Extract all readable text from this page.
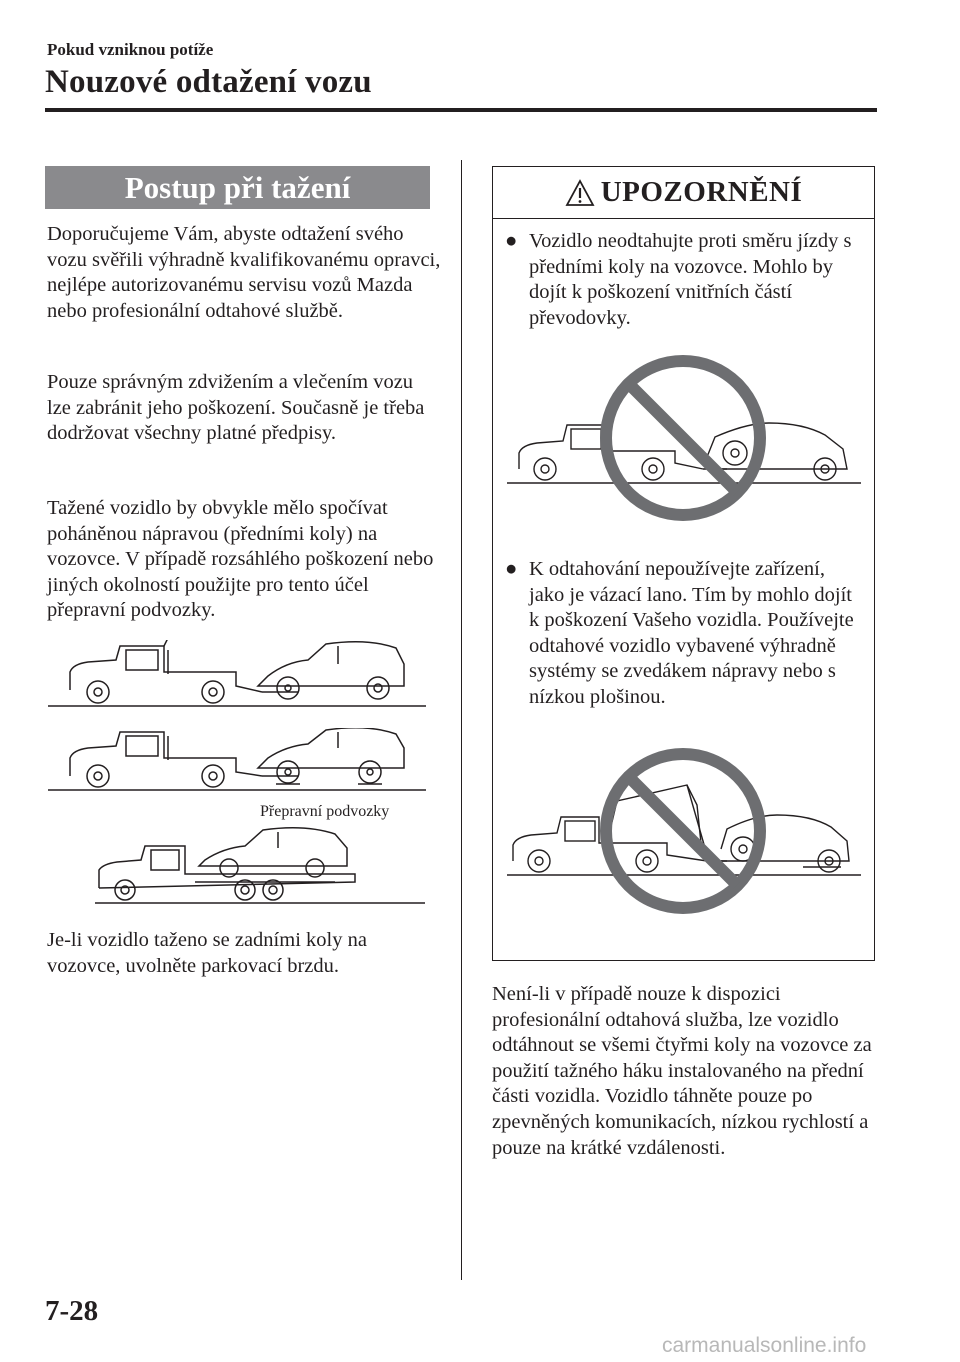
Pokud vzniknou potíže
Nouzové odtažení vozu
Postup při tažení

Doporučujeme Vám, abyste odtažení svého vozu svěřili výhradně kvalifikovanému opravci, nejlépe autorizovanému servisu vozů Mazda nebo profesionální odtahové službě.

Pouze správným zdvižením a vlečením vozu lze zabránit jeho poškození. Současně je třeba dodržovat všechny platné předpisy.

Tažené vozidlo by obvykle mělo spočívat poháněnou nápravou (předními koly) na vozovce. V případě rozsáhlého poškození nebo jiných okolností použijte pro tento účel přepravní podvozky.

Přepravní podvozky

Je-li vozidlo taženo se zadními koly na vozovce, uvolněte parkovací brzdu.

UPOZORNĚNÍ
● Vozidlo neodtahujte proti směru jízdy s předními koly na vozovce. Mohlo by dojít k poškození vnitřních částí převodovky.
● K odtahování nepoužívejte zařízení, jako je vázací lano. Tím by mohlo dojít k poškození Vašeho vozidla. Používejte odtahové vozidlo vybavené výhradně systémy se zvedákem nápravy nebo s nízkou plošinou.

Není-li v případě nouze k dispozici profesionální odtahová služba, lze vozidlo odtáhnout se všemi čtyřmi koly na vozovce za použití tažného háku instalovaného na přední části vozidla. Vozidlo táhněte pouze po zpevněných komunikacích, nízkou rychlostí a pouze na krátké vzdálenosti.

7-28
carmanualsonline.info
